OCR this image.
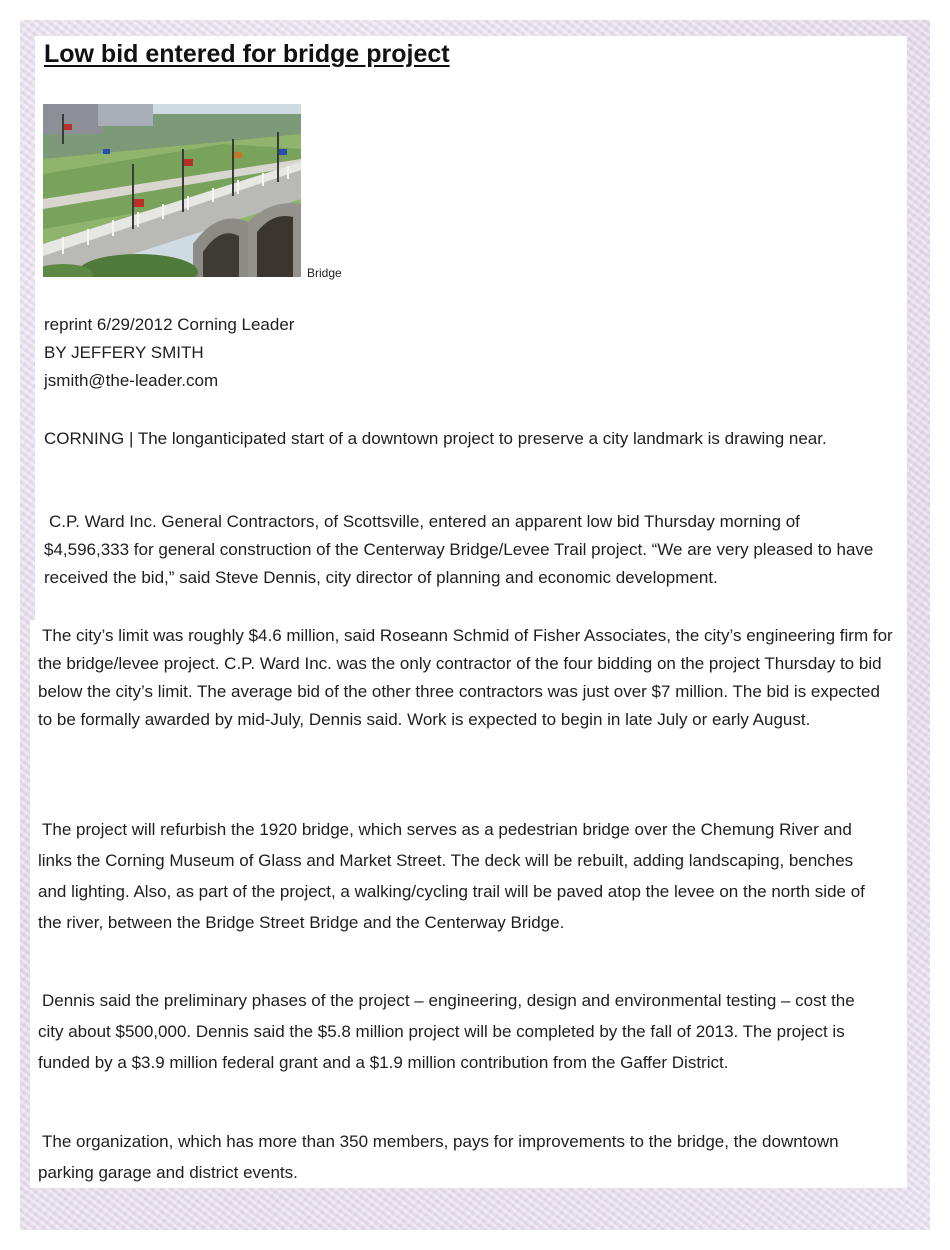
Low bid entered for bridge project
Bridge

reprint 6/29/2012 Corning Leader

BY JEFFERY SMITH

jsmith@the-leader.com

CORNING | The longanticipated start of a downtown project to preserve a city landmark is drawing near.

C.P. Ward Inc. General Contractors, of Scottsville, entered an apparent low bid Thursday morning of $4,596,333 for general construction of the Centerway Bridge/Levee Trail project. “We are very pleased to have received the bid,” said Steve Dennis, city director of planning and economic development.

The city’s limit was roughly $4.6 million, said Roseann Schmid of Fisher Associates, the city’s engineering firm for the bridge/levee project. C.P. Ward Inc. was the only contractor of the four bidding on the project Thursday to bid below the city’s limit. The average bid of the other three contractors was just over $7 million. The bid is expected to be formally awarded by mid-July, Dennis said. Work is expected to begin in late July or early August.

The project will refurbish the 1920 bridge, which serves as a pedestrian bridge over the Chemung River and links the Corning Museum of Glass and Market Street. The deck will be rebuilt, adding landscaping, benches and lighting. Also, as part of the project, a walking/cycling trail will be paved atop the levee on the north side of the river, between the Bridge Street Bridge and the Centerway Bridge.

Dennis said the preliminary phases of the project – engineering, design and environmental testing – cost the city about $500,000. Dennis said the $5.8 million project will be completed by the fall of 2013. The project is funded by a $3.9 million federal grant and a $1.9 million contribution from the Gaffer District.

The organization, which has more than 350 members, pays for improvements to the bridge, the downtown parking garage and district events.
